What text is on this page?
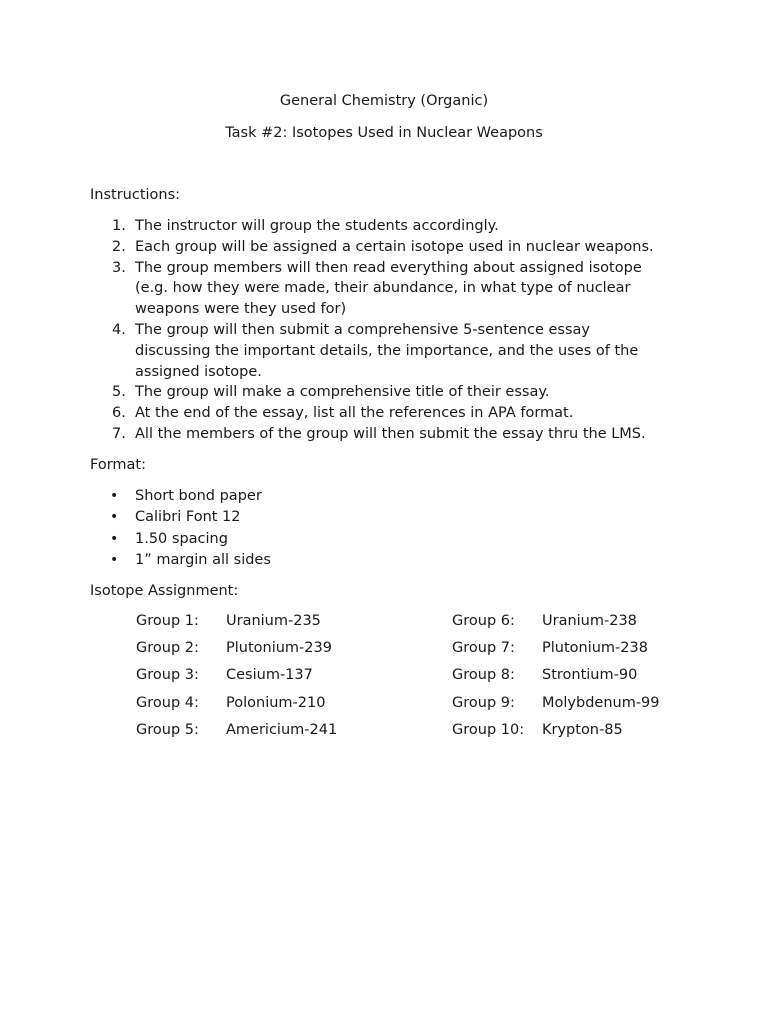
General Chemistry (Organic)
Task #2: Isotopes Used in Nuclear Weapons
Instructions:
1. The instructor will group the students accordingly.
2. Each group will be assigned a certain isotope used in nuclear weapons.
3. The group members will then read everything about assigned isotope
(e.g. how they were made, their abundance, in what type of nuclear
weapons were they used for)
4. The group will then submit a comprehensive 5-sentence essay
discussing the important details, the importance, and the uses of the
assigned isotope.
5. The group will make a comprehensive title of their essay.
6. At the end of the essay, list all the references in APA format.
7. All the members of the group will then submit the essay thru the LMS.
Format:
• Short bond paper
• Calibri Font 12
• 1.50 spacing
• 1” margin all sides
Isotope Assignment:
Group 1: Uranium-235
Group 2: Plutonium-239
Group 3: Cesium-137
Group 4: Polonium-210
Group 5: Americium-241
Group 6: Uranium-238
Group 7: Plutonium-238
Group 8: Strontium-90
Group 9: Molybdenum-99
Group 10: Krypton-85
